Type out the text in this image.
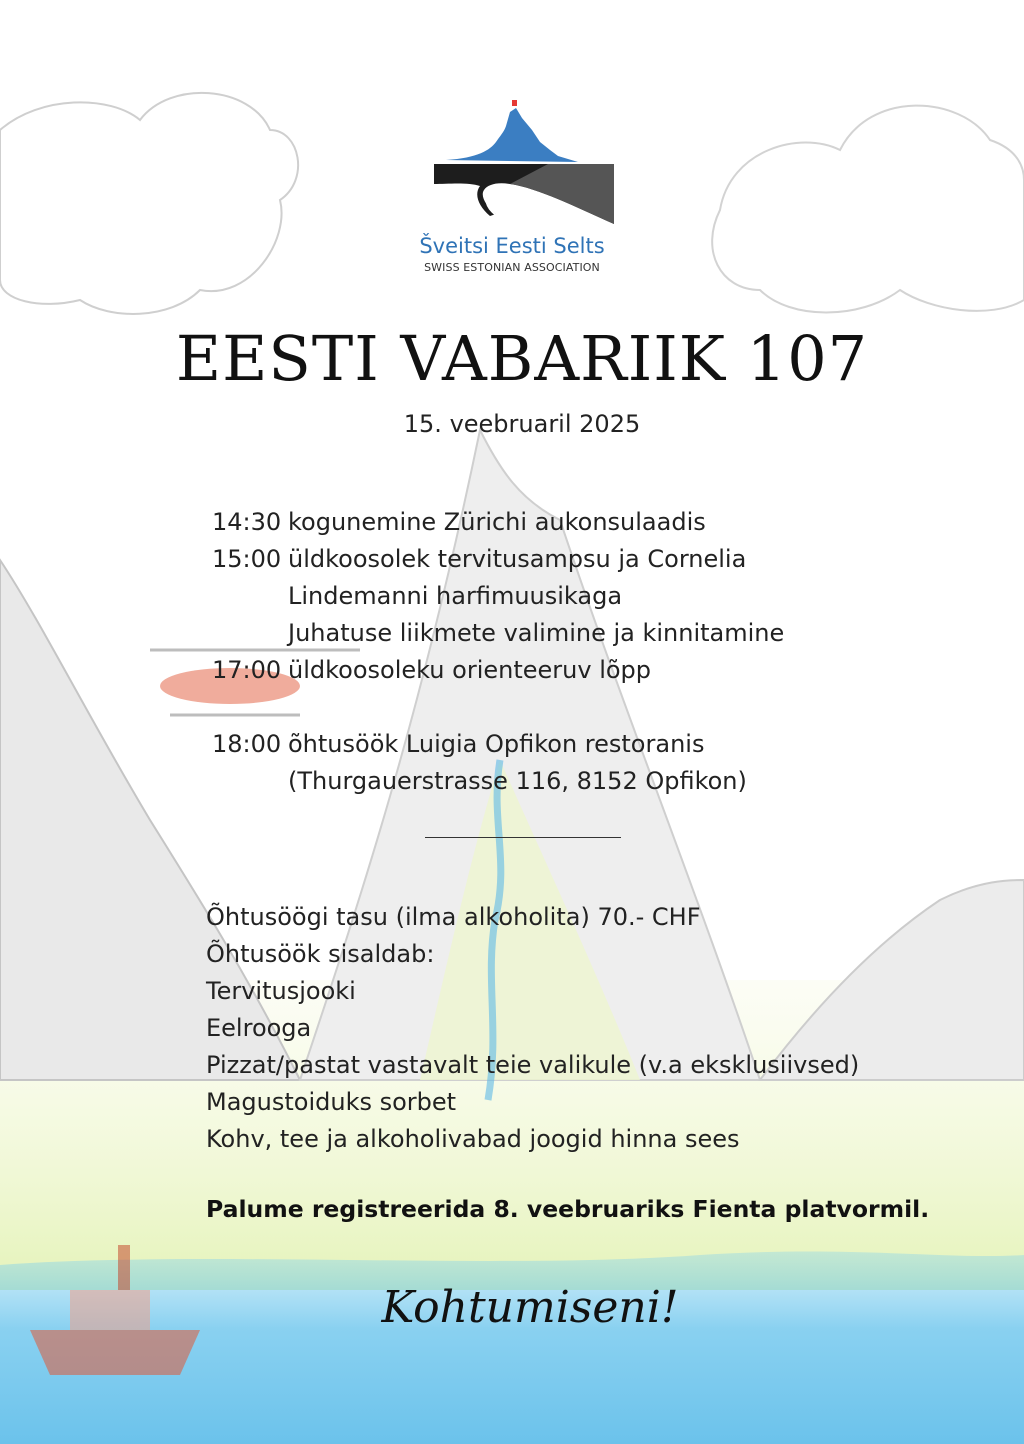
Šveitsi Eesti Selts
SWISS ESTONIAN ASSOCIATION
EESTI VABARIIK 107
15. veebruaril 2025
14:30 kogunemine Zürichi aukonsulaadis
15:00 üldkoosolek tervitusampsu ja Cornelia
Lindemanni harfimuusikaga
Juhatuse liikmete valimine ja kinnitamine
17:00 üldkoosoleku orienteeruv lõpp
18:00 õhtusöök Luigia Opfikon restoranis
(Thurgauerstrasse 116, 8152 Opfikon)
Õhtusöögi tasu (ilma alkoholita) 70.- CHF
Õhtusöök sisaldab:
Tervitusjooki
Eelrooga
Pizzat/pastat vastavalt teie valikule (v.a eksklusiivsed)
Magustoiduks sorbet
Kohv, tee ja alkoholivabad joogid hinna sees
Palume registreerida 8. veebruariks Fienta platvormil.
Kohtumiseni!
